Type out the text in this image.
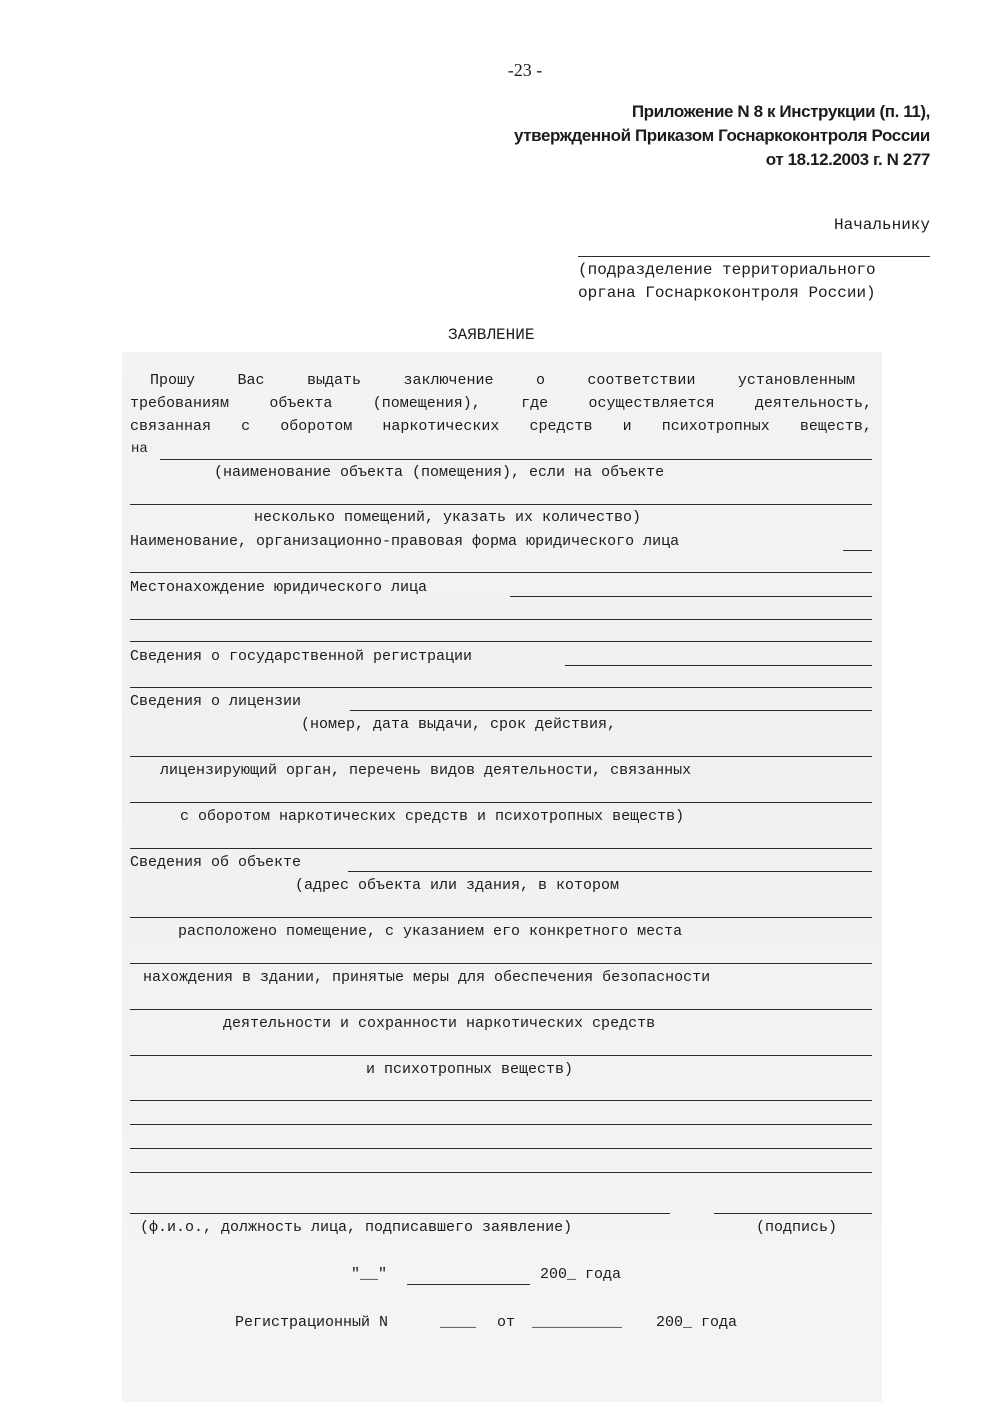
-23 -
Приложение N 8 к Инструкции (п. 11),
утвержденной Приказом Госнаркоконтроля России
от 18.12.2003 г. N 277
Начальнику
(подразделение территориального
органа Госнаркоконтроля России)
ЗАЯВЛЕНИЕ
Прошу	Вас	выдать	заключение	о	соответствии	установленным
требованиям	объекта	(помещения),	где	осуществляется	деятельность,
связанная с оборотом наркотических средств и психотропных веществ,
на
(наименование объекта (помещения), если на объекте
несколько помещений, указать их количество)
Наименование, организационно-правовая форма юридического лица
Местонахождение юридического лица
Сведения о государственной регистрации
Сведения о лицензии
(номер, дата выдачи, срок действия,
лицензирующий орган, перечень видов деятельности, связанных
с оборотом наркотических средств и психотропных веществ)
Сведения об объекте
(адрес объекта или здания, в котором
расположено помещение, с указанием его конкретного места
нахождения в здании, принятые меры для обеспечения безопасности
деятельности и сохранности наркотических средств
и психотропных веществ)
(ф.и.о., должность лица, подписавшего заявление)	(подпись)
"__"	200_ года
Регистрационный N	____ от __________ 200_ года
